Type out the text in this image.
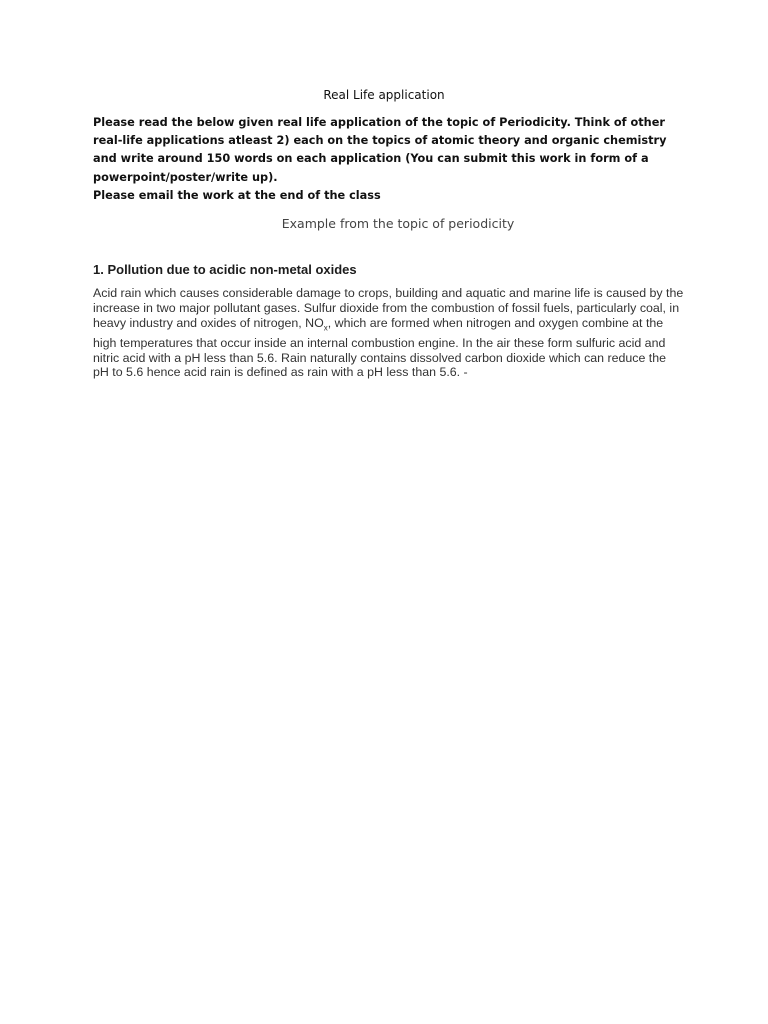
Real Life application

Please read the below given real life application of the topic of Periodicity. Think of other real-life applications atleast 2) each on the topics of atomic theory and organic chemistry and write around 150 words on each application (You can submit this work in form of a powerpoint/poster/write up).

Please email the work at the end of the class

Example from the topic of periodicity
1. Pollution due to acidic non-metal oxides

Acid rain which causes considerable damage to crops, building and aquatic and marine life is caused by the increase in two major pollutant gases. Sulfur dioxide from the combustion of fossil fuels, particularly coal, in heavy industry and oxides of nitrogen, $NO_x$, which are formed when nitrogen and oxygen combine at the high temperatures that occur inside an internal combustion engine. In the air these form sulfuric acid and nitric acid with a pH less than 5.6. Rain naturally contains dissolved carbon dioxide which can reduce the pH to 5.6 hence acid rain is defined as rain with a pH less than 5.6. -
